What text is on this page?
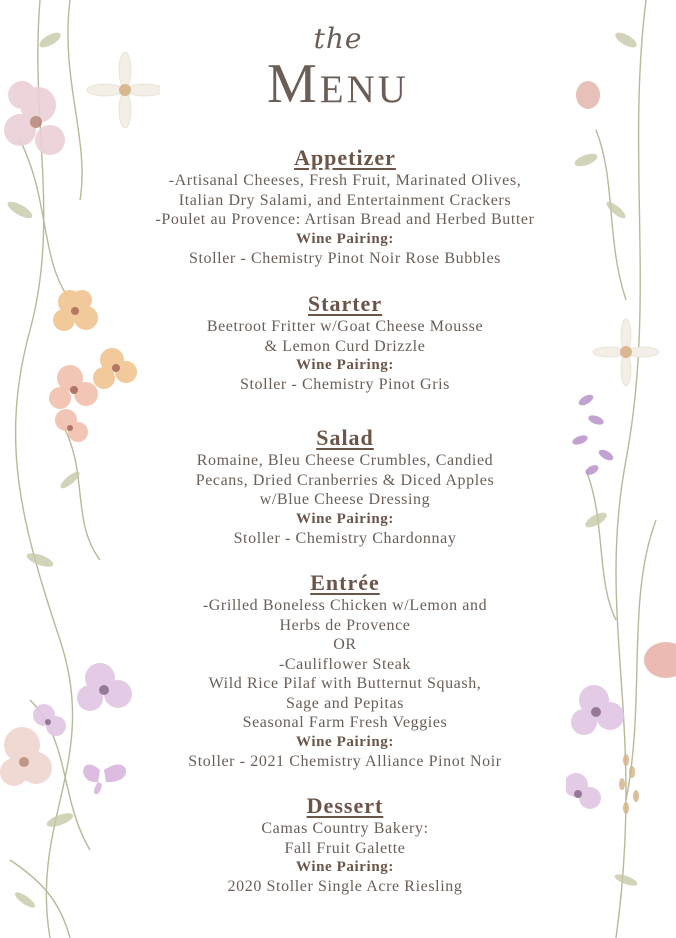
the
Menu
Appetizer
-Artisanal Cheeses, Fresh Fruit, Marinated Olives,
Italian Dry Salami, and Entertainment Crackers
-Poulet au Provence: Artisan Bread and Herbed Butter
Wine Pairing:
Stoller - Chemistry Pinot Noir Rose Bubbles
Starter
Beetroot Fritter w/Goat Cheese Mousse
& Lemon Curd Drizzle
Wine Pairing:
Stoller - Chemistry Pinot Gris
Salad
Romaine, Bleu Cheese Crumbles, Candied
Pecans, Dried Cranberries & Diced Apples
w/Blue Cheese Dressing
Wine Pairing:
Stoller - Chemistry Chardonnay
Entrée
-Grilled Boneless Chicken w/Lemon and
Herbs de Provence
OR
-Cauliflower Steak
Wild Rice Pilaf with Butternut Squash,
Sage and Pepitas
Seasonal Farm Fresh Veggies
Wine Pairing:
Stoller - 2021 Chemistry Alliance Pinot Noir
Dessert
Camas Country Bakery:
Fall Fruit Galette
Wine Pairing:
2020 Stoller Single Acre Riesling
